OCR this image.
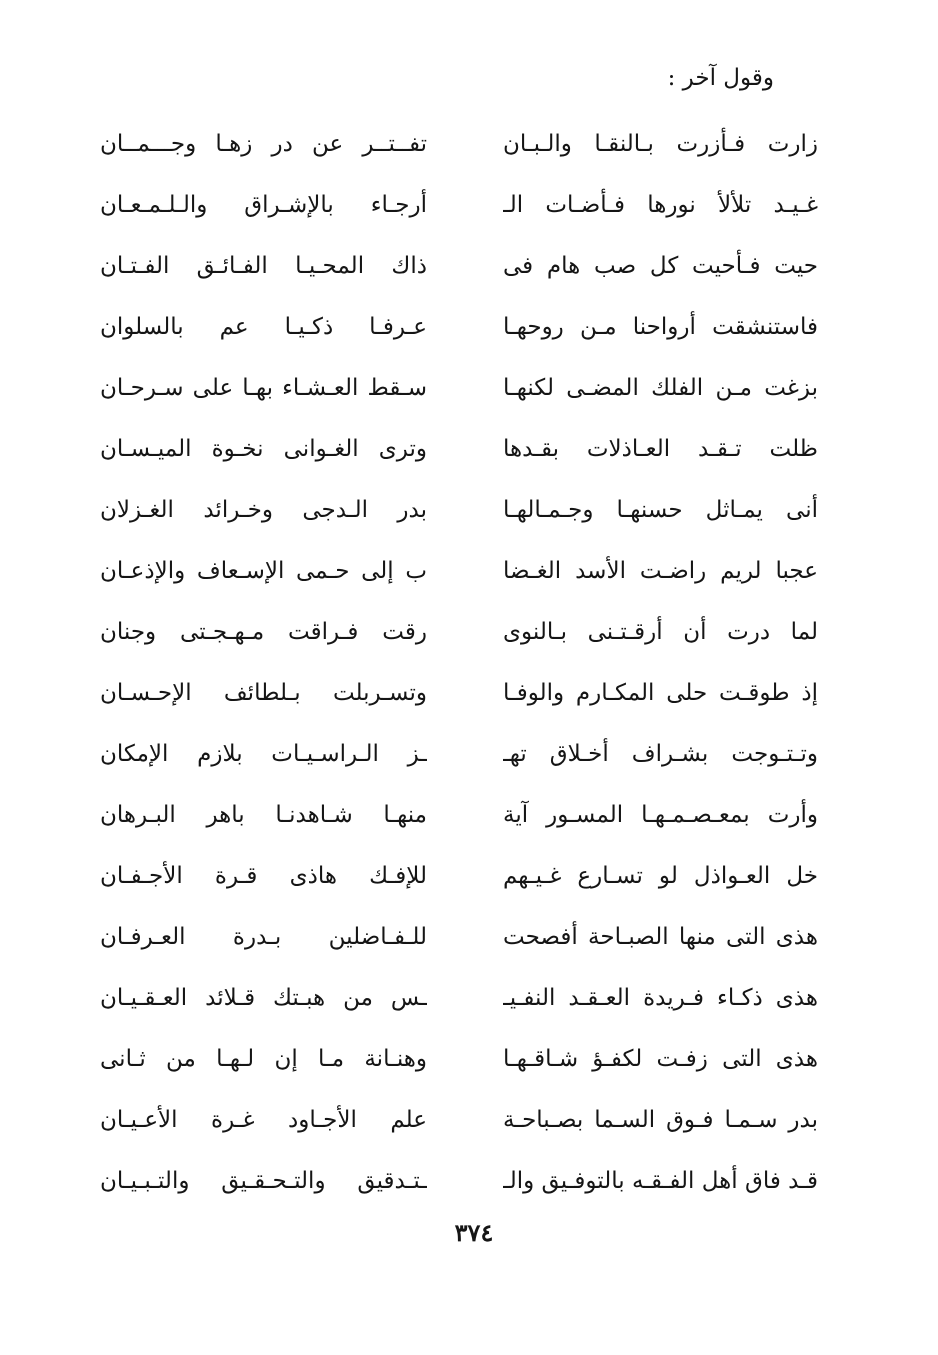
وقول آخر :
زارت فـأزرت بـالنقـا والـبـان
تفــتــر عن در زهـا وجـــمــان
غـيـد تلألأ نورها فـأضـات الـ
أرجـاء بالإشـراق والـلـمـعـان
حيت فـأحيت كل صب هام فى
ذاك المحـيـا الفـائـق الفـتـان
فاستنشقت أرواحنا مـن روحهـا
عـرفـا ذكـيـا عم بالسلوان
بزغت مـن الفلك المضـى لكنهـا
سـقط العـشـاء بهـا على سـرحـان
ظلت تـقـد العـاذلات بقـدها
وترى الغـوانى نخـوة الميـسـان
أنى يمـاثل حسنهـا وجـمـالهـا
بدر الـدجى وخـرائد الغـزلان
عجبا لريم راضـت الأسد الغـضا
ب إلى حـمى الإسـعاف والإذعـان
لما درت أن أرقـتـنى بـالنوى
رقت فـراقت مـهـجـتى وجنان
إذ طوقـت حلى المكـارم والوفـا
وتسـربلت بـلطائف الإحـسـان
وتـتـوجت بشـراف أخـلاق تهـ
ـز الـراسـيـات بلازم الإمكان
وأرت بمعـصـمـهـا المسـور آية
منهـا شـاهدنـا باهر البـرهان
خل العـواذل لو تسـارع غـيـهم
للإفـك هاذى قـرة الأجـفـان
هذى التى منها الصبـاحة أفصحت
للـفـاضلين بـدرة العـرفـان
هذى ذكـاء فـريدة العـقـد النفـيـ
ـس من هبـتك قـلائد العـقـيـان
هذى التى زفـت لكفـؤ شـاقـهـا
وهنـانة مـا إن لـهـا من ثـانى
بدر سـمـا فـوق السـما بصـباحـة
علم الأجـاود غـرة الأعـيـان
قـد فاق أهل الفـقـه بالتوفـيق والـ
ـتـدقيق والتـحـقـيق والتـبـيـان
٣٧٤
